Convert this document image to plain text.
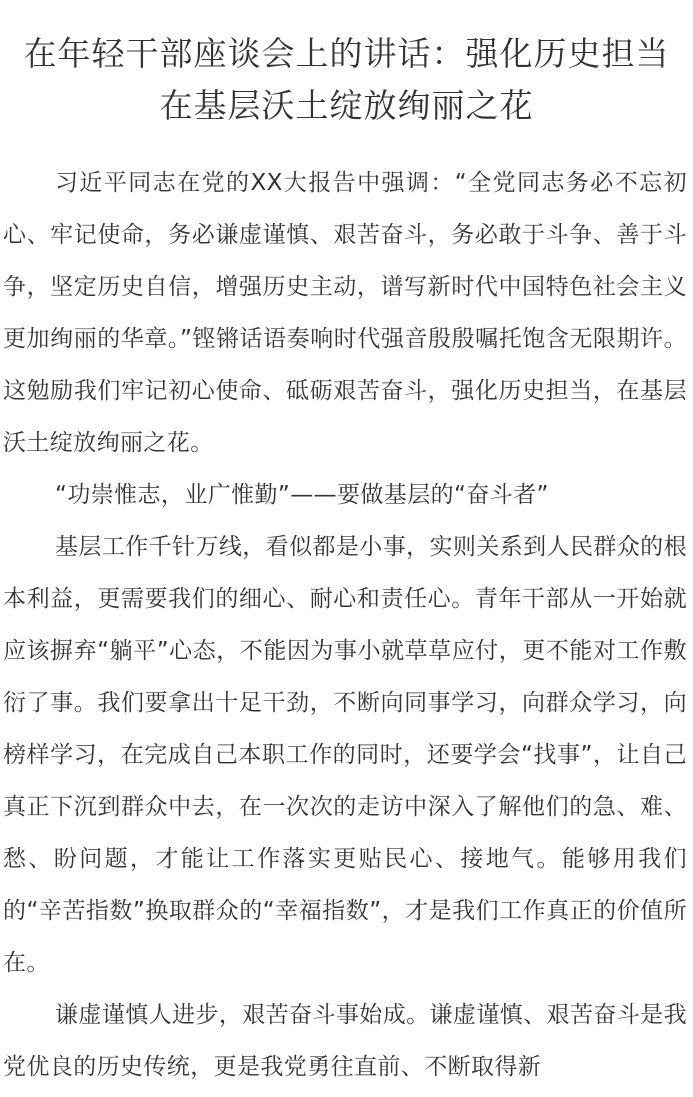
在年轻干部座谈会上的讲话：强化历史担当
在基层沃土绽放绚丽之花

习近平同志在党的XX大报告中强调：“全党同志务必不忘初心、牢记使命，务必谦虚谨慎、艰苦奋斗，务必敢于斗争、善于斗争，坚定历史自信，增强历史主动，谱写新时代中国特色社会主义更加绚丽的华章。”铿锵话语奏响时代强音殷殷嘱托饱含无限期许。这勉励我们牢记初心使命、砥砺艰苦奋斗，强化历史担当，在基层沃土绽放绚丽之花。

“功崇惟志，业广惟勤”——要做基层的“奋斗者”

基层工作千针万线，看似都是小事，实则关系到人民群众的根本利益，更需要我们的细心、耐心和责任心。青年干部从一开始就应该摒弃“躺平”心态，不能因为事小就草草应付，更不能对工作敷衍了事。我们要拿出十足干劲，不断向同事学习，向群众学习，向榜样学习，在完成自己本职工作的同时，还要学会“找事”，让自己真正下沉到群众中去，在一次次的走访中深入了解他们的急、难、愁、盼问题，才能让工作落实更贴民心、接地气。能够用我们的“辛苦指数”换取群众的“幸福指数”，才是我们工作真正的价值所在。

谦虚谨慎人进步，艰苦奋斗事始成。谦虚谨慎、艰苦奋斗是我党优良的历史传统，更是我党勇往直前、不断取得新
